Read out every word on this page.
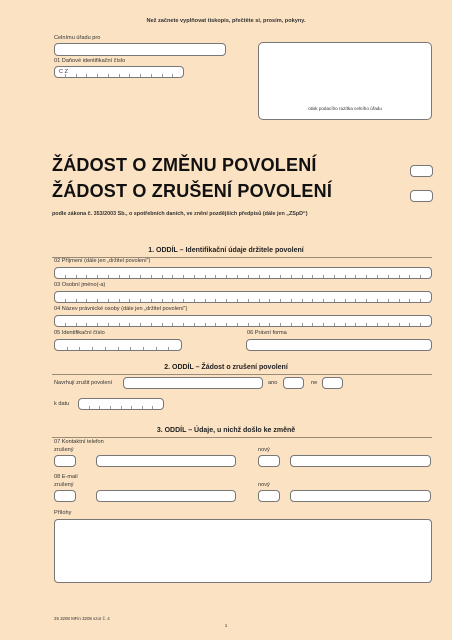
Než začnete vyplňovat tiskopis, přečtěte si, prosím, pokyny.
Celnímu úřadu pro
01 Daňové identifikační číslo
C Z
otisk podacího razítka celního úřadu
ŽÁDOST O ZMĚNU POVOLENÍ
ŽÁDOST O ZRUŠENÍ POVOLENÍ
podle zákona č. 353/2003 Sb., o spotřebních daních, ve znění pozdějších předpisů (dále jen „ZSpD“)
1. ODDÍL – Identifikační údaje držitele povolení
02 Příjmení (dále jen „držitel povolení“)
03 Osobní jméno(-a)
04 Název právnické osoby (dále jen „držitel povolení“)
05 Identifikační číslo	06 Právní forma
2. ODDÍL – Žádost o zrušení povolení
Navrhuji zrušit povolení	ano	ne
k datu
3. ODDÍL – Údaje, u nichž došlo ke změně
07 Kontaktní telefon
zrušený	nový
08 E-mail
zrušený	nový
Přílohy
25 3208 MFin 3208 vzor č. 4
1
